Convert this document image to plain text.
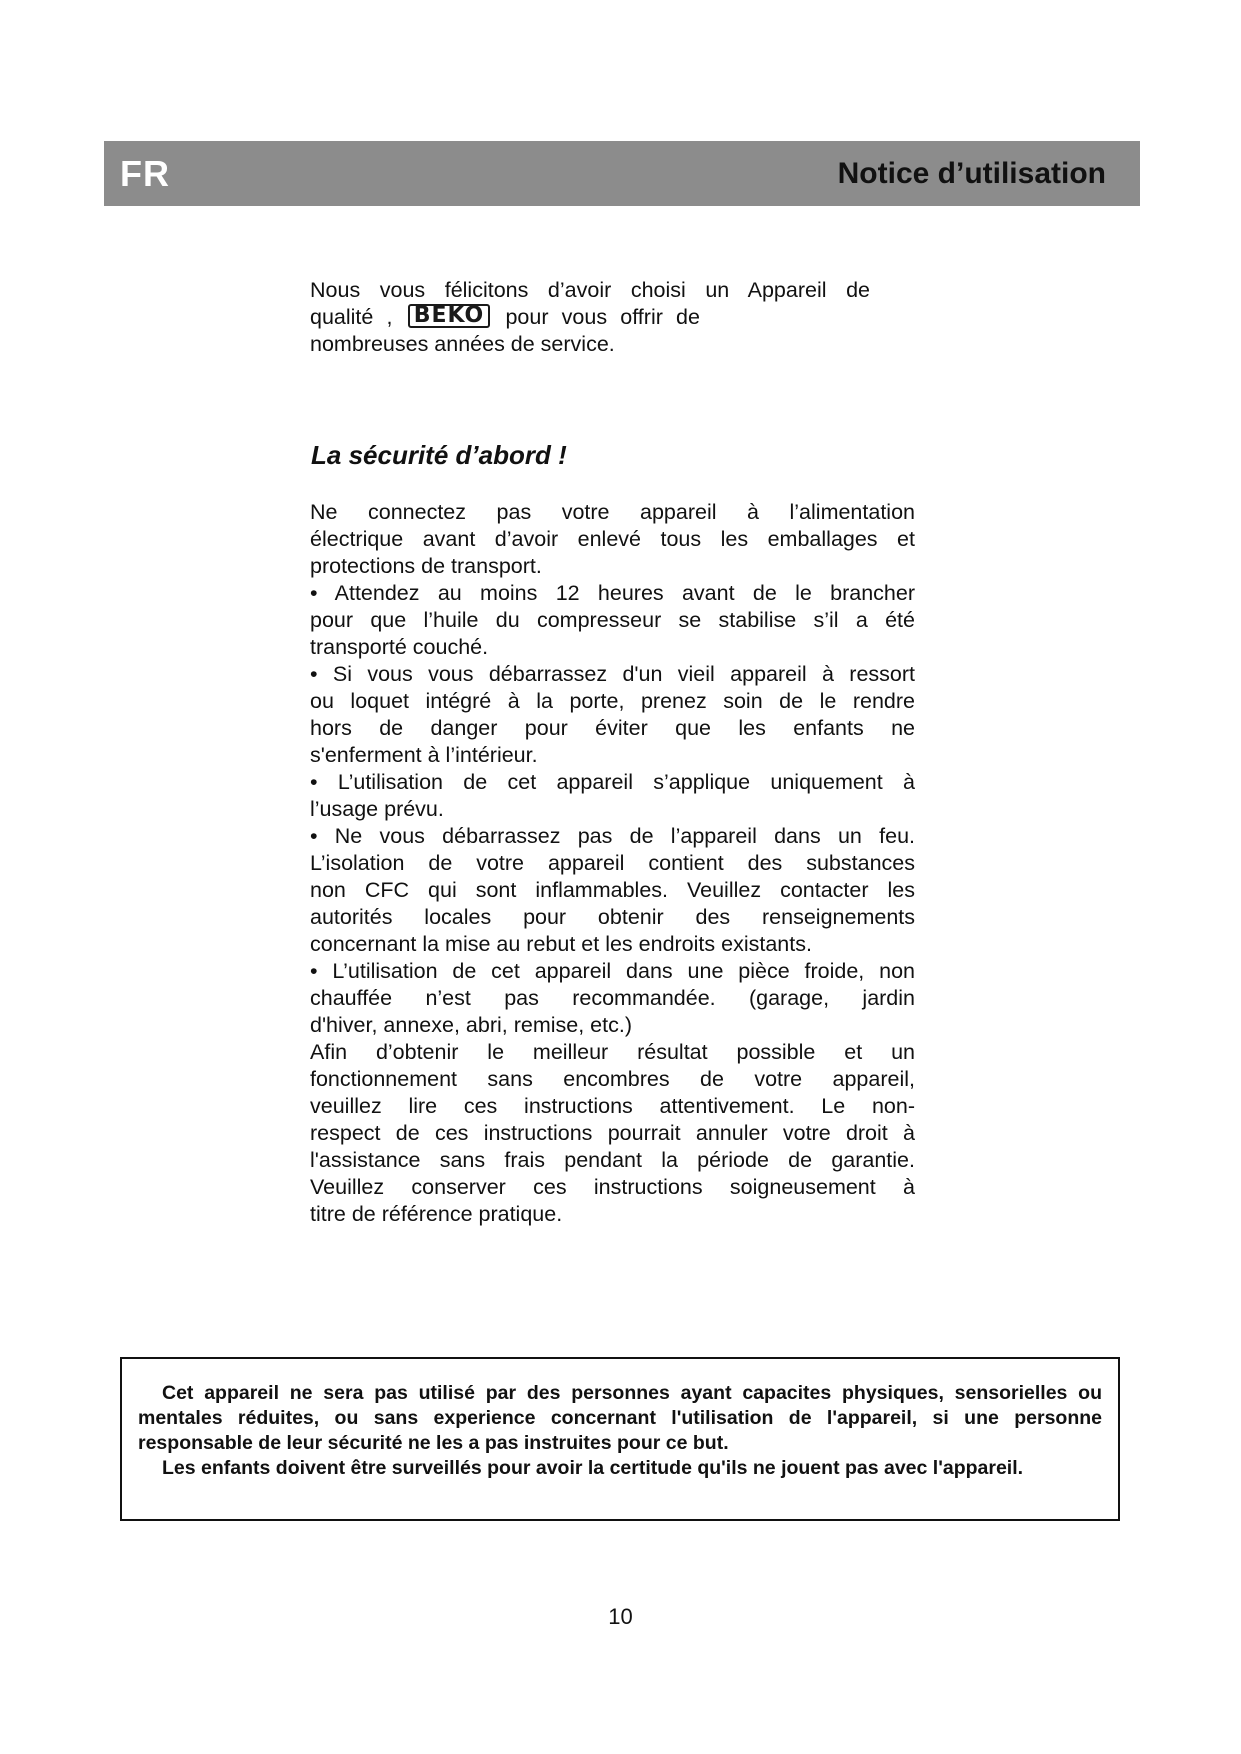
FR	Notice d’utilisation

Nous vous félicitons d’avoir choisi un Appareil de

qualité , BEKO pour vous offrir de

nombreuses années de service.

La sécurité d’abord !

Ne connectez pas votre appareil à l’alimentation

électrique avant d’avoir enlevé tous les emballages et

protections de transport.

• Attendez au moins 12 heures avant de le brancher

pour que l’huile du compresseur se stabilise s’il a été

transporté couché.

• Si vous vous débarrassez d'un vieil appareil à ressort

ou loquet intégré à la porte, prenez soin de le rendre

hors de danger pour éviter que les enfants ne

s'enferment à l’intérieur.

• L’utilisation de cet appareil s’applique uniquement à

l’usage prévu.

• Ne vous débarrassez pas de l’appareil dans un feu.

L’isolation de votre appareil contient des substances

non CFC qui sont inflammables. Veuillez contacter les

autorités locales pour obtenir des renseignements

concernant la mise au rebut et les endroits existants.

• L’utilisation de cet appareil dans une pièce froide, non

chauffée n’est pas recommandée. (garage, jardin

d'hiver, annexe, abri, remise, etc.)

Afin d’obtenir le meilleur résultat possible et un

fonctionnement sans encombres de votre appareil,

veuillez lire ces instructions attentivement. Le non-

respect de ces instructions pourrait annuler votre droit à

l'assistance sans frais pendant la période de garantie.

Veuillez conserver ces instructions soigneusement à

titre de référence pratique.

Cet appareil ne sera pas utilisé par des personnes ayant capacites physiques, sensorielles ou mentales réduites, ou sans experience concernant l'utilisation de l'appareil, si une personne responsable de leur sécurité ne les a pas instruites pour ce but.

Les enfants doivent être surveillés pour avoir la certitude qu'ils ne jouent pas avec l'appareil.

10
